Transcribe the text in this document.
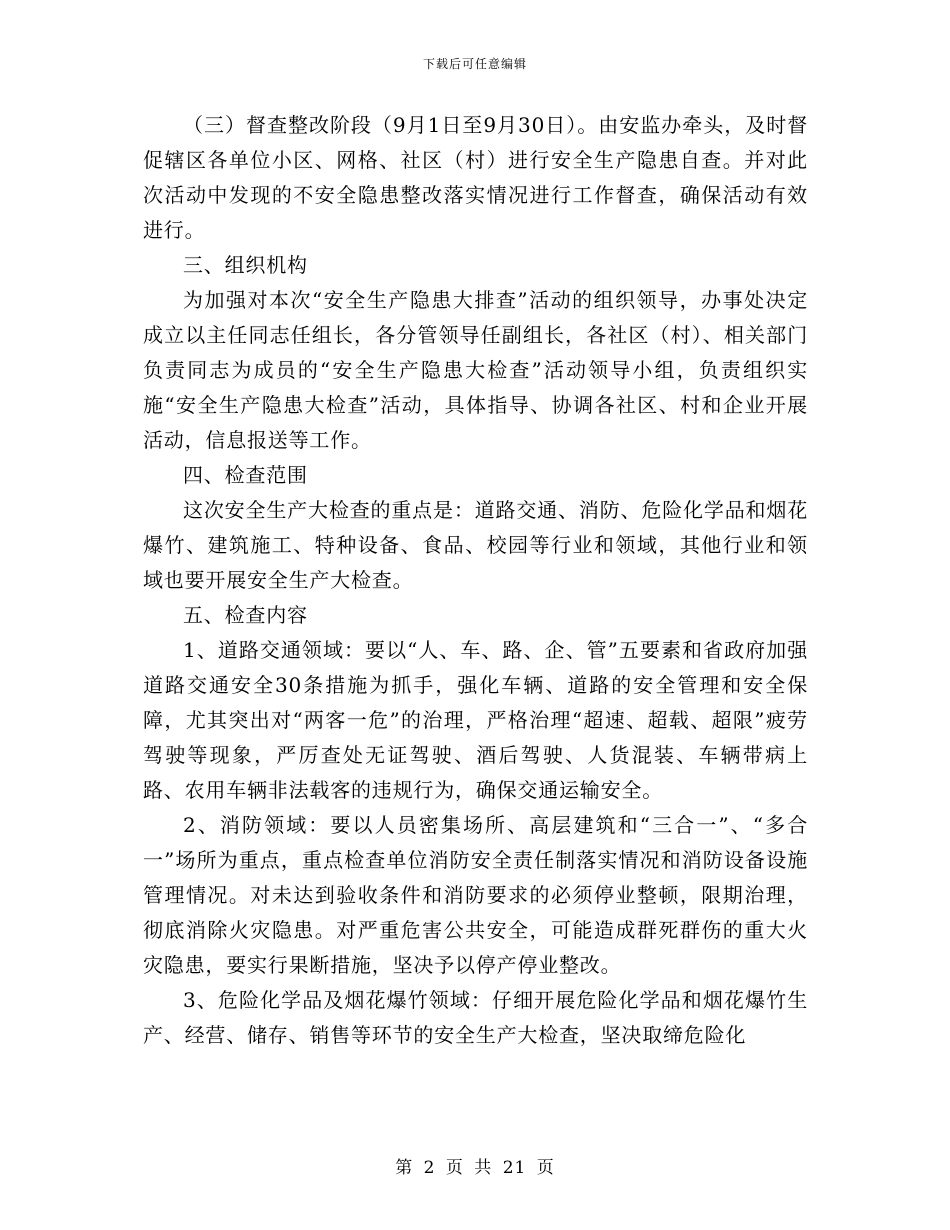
下载后可任意编辑

（三）督查整改阶段（9月1日至9月30日）。由安监办牵头，及时督促辖区各单位小区、网格、社区（村）进行安全生产隐患自查。并对此次活动中发现的不安全隐患整改落实情况进行工作督查，确保活动有效进行。

三、组织机构

为加强对本次“安全生产隐患大排查”活动的组织领导，办事处决定成立以主任同志任组长，各分管领导任副组长，各社区（村）、相关部门负责同志为成员的“安全生产隐患大检查”活动领导小组，负责组织实施“安全生产隐患大检查”活动，具体指导、协调各社区、村和企业开展活动，信息报送等工作。

四、检查范围

这次安全生产大检查的重点是：道路交通、消防、危险化学品和烟花爆竹、建筑施工、特种设备、食品、校园等行业和领域，其他行业和领域也要开展安全生产大检查。

五、检查内容

1、道路交通领域：要以“人、车、路、企、管”五要素和省政府加强道路交通安全30条措施为抓手，强化车辆、道路的安全管理和安全保障，尤其突出对“两客一危”的治理，严格治理“超速、超载、超限”疲劳驾驶等现象，严厉查处无证驾驶、酒后驾驶、人货混装、车辆带病上路、农用车辆非法载客的违规行为，确保交通运输安全。

2、消防领域：要以人员密集场所、高层建筑和“三合一”、“多合一”场所为重点，重点检查单位消防安全责任制落实情况和消防设备设施管理情况。对未达到验收条件和消防要求的必须停业整顿，限期治理，彻底消除火灾隐患。对严重危害公共安全，可能造成群死群伤的重大火灾隐患，要实行果断措施，坚决予以停产停业整改。

3、危险化学品及烟花爆竹领域：仔细开展危险化学品和烟花爆竹生产、经营、储存、销售等环节的安全生产大检查，坚决取缔危险化

第 2 页 共 21 页
